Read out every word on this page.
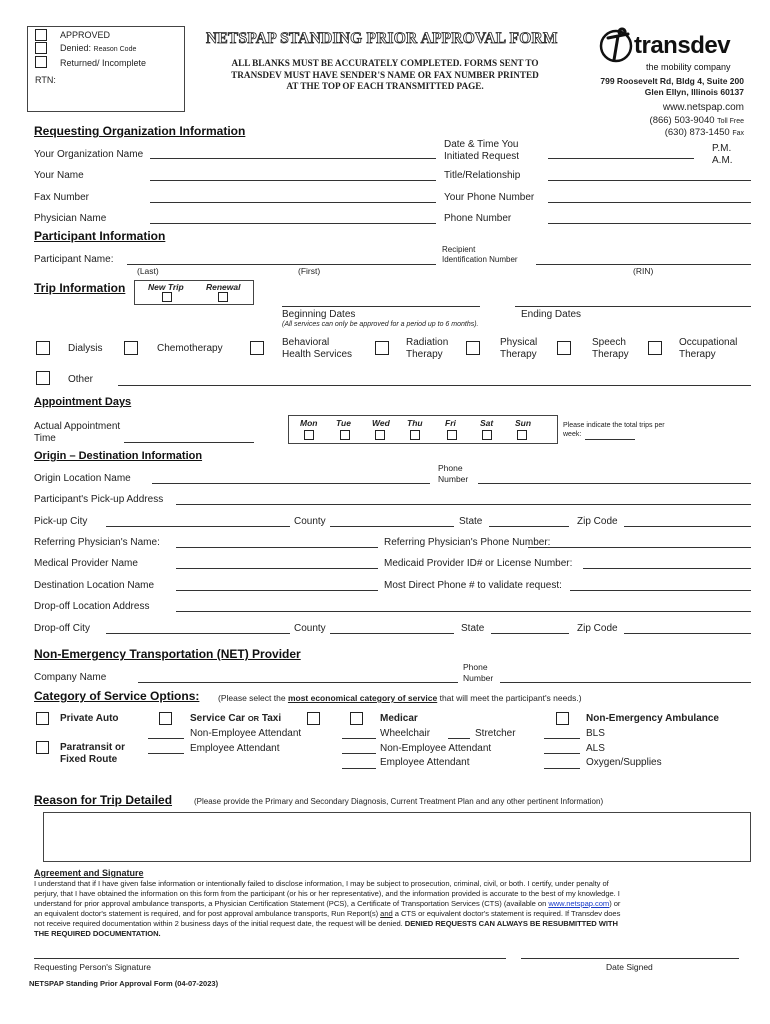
APPROVED
Denied: Reason Code
Returned/ Incomplete
RTN:
NETSPAP STANDING PRIOR APPROVAL FORM
ALL BLANKS MUST BE ACCURATELY COMPLETED. FORMS SENT TO
TRANSDEV MUST HAVE SENDER'S NAME OR FAX NUMBER PRINTED
AT THE TOP OF EACH TRANSMITTED PAGE.
transdev
the mobility company
799 Roosevelt Rd, Bldg 4, Suite 200
Glen Ellyn, Illinois 60137
www.netspap.com
(866) 503-9040 Toll Free
(630) 873-1450 Fax
Requesting Organization Information
Your Organization Name
Date & Time You
Initiated Request
P.M.
A.M.
Your Name	Title/Relationship
Fax Number	Your Phone Number
Physician Name	Phone Number
Participant Information
Participant Name:
Recipient
Identification Number
(Last)	(First)	(RIN)
Trip Information	New Trip	Renewal
Beginning Dates	Ending Dates
(All services can only be approved for a period up to 6 months).
Dialysis	Chemotherapy
Behavioral
Health Services
Radiation
Therapy
Physical
Therapy
Speech
Therapy
Occupational
Therapy
Other
Appointment Days
Actual Appointment
Time
Mon Tue Wed Thu	Fri	Sat	Sun	Please indicate the total trips per
week:
Origin – Destination Information
Origin Location Name
Phone
Number
Participant's Pick-up Address
Pick-up City	County	State	Zip Code
Referring Physician's Name:	Referring Physician's Phone Number:
Medical Provider Name	Medicaid Provider ID# or License Number:
Destination Location Name	Most Direct Phone # to validate request:
Drop-off Location Address
Drop-off City	County	State	Zip Code
Non-Emergency Transportation (NET) Provider
Company Name
Phone
Number
Category of Service Options: (Please select the most economical category of service that will meet the participant's needs.)
Private Auto
Paratransit or
Fixed Route
Service Car OR Taxi
Non-Employee Attendant
Employee Attendant
Medicar
Wheelchair	Stretcher
Non-Employee Attendant
Employee Attendant
Non-Emergency Ambulance
BLS
ALS
Oxygen/Supplies
Reason for Trip Detailed	(Please provide the Primary and Secondary Diagnosis, Current Treatment Plan and any other pertinent Information)
Agreement and Signature
I understand that if I have given false information or intentionally failed to disclose information, I may be subject to prosecution, criminal, civil, or both. I certify, under penalty of
perjury, that I have obtained the information on this form from the participant (or his or her representative), and the information provided is accurate to the best of my knowledge. I
understand for prior approval ambulance transports, a Physician Certification Statement (PCS), a Certificate of Transportation Services (CTS) (available on www.netspap.com) or
an equivalent doctor's statement is required, and for post approval ambulance transports, Run Report(s) and a CTS or equivalent doctor's statement is required. If Transdev does
not receive required documentation within 2 business days of the initial request date, the request will be denied. DENIED REQUESTS CAN ALWAYS BE RESUBMITTED WITH
THE REQUIRED DOCUMENTATION.
Requesting Person's Signature	Date Signed
NETSPAP Standing Prior Approval Form (04-07-2023)
